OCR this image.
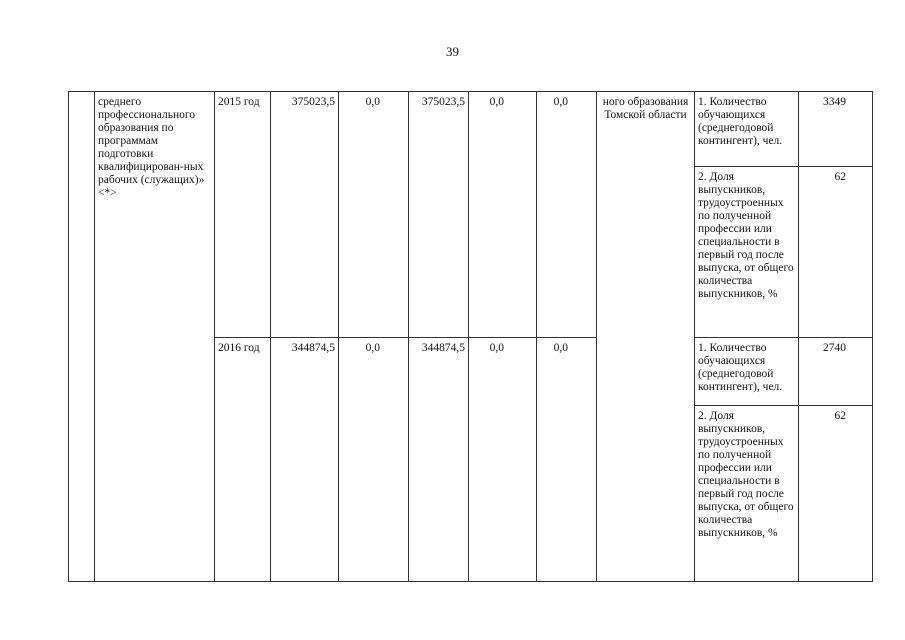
39
	среднего профессионального образования по программам подготовки квалифицирован-ных рабочих (служащих)» <*>	2015 год	375023,5	0,0	375023,5	0,0	0,0	ного образования Томской области	1. Количество обучающихся (среднегодовой контингент), чел.	3349
									2. Доля выпускников, трудоустроенных по полученной профессии или специальности в первый год после выпуска, от общего количества выпускников, %	62
		2016 год	344874,5	0,0	344874,5	0,0	0,0		1. Количество обучающихся (среднегодовой контингент), чел.	2740
									2. Доля выпускников, трудоустроенных по полученной профессии или специальности в первый год после выпуска, от общего количества выпускников, %	62
